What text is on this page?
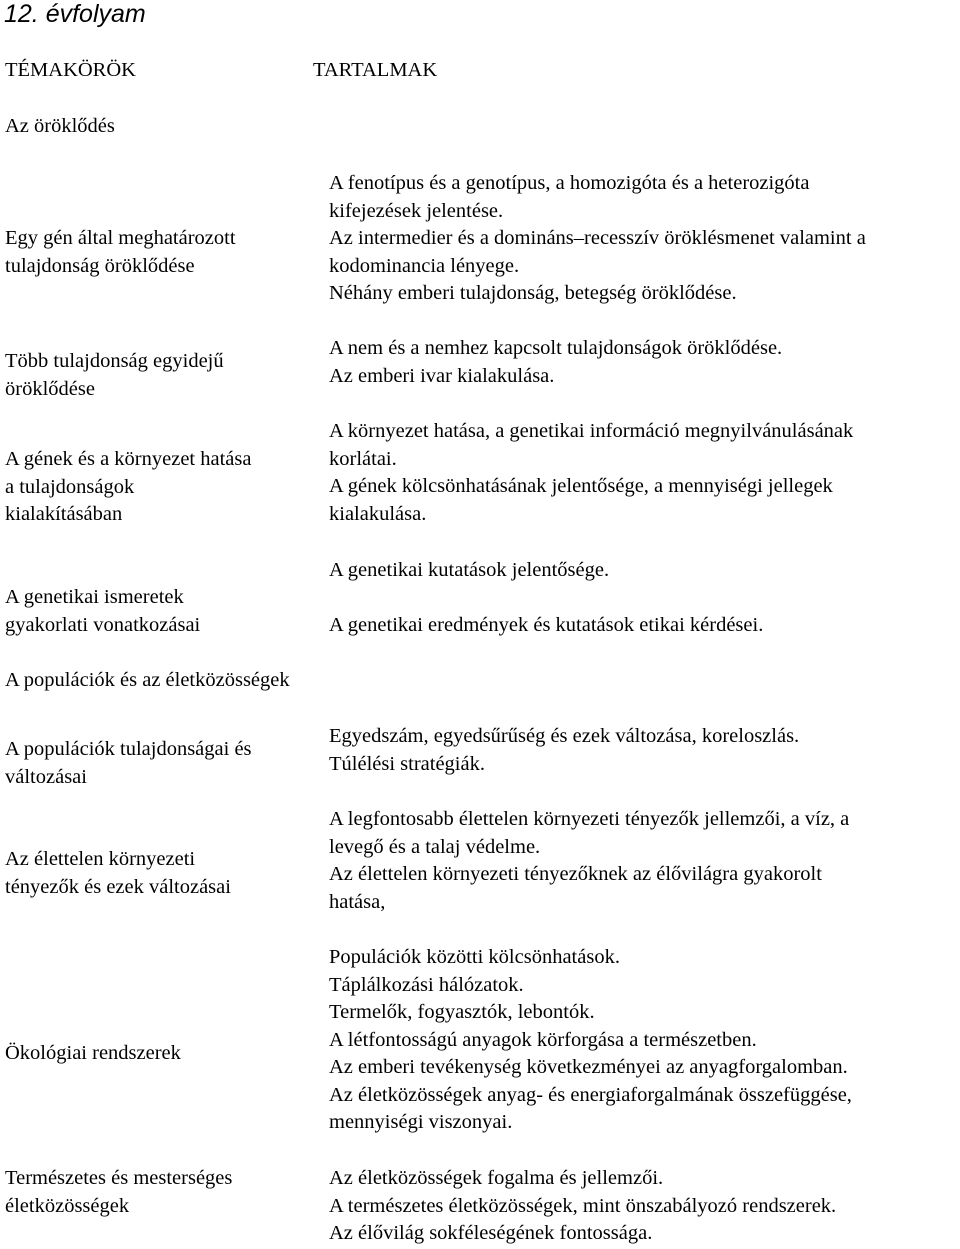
12. évfolyam
TÉMAKÖRÖK	TARTALMAK
Az öröklődés
A fenotípus és a genotípus, a homozigóta és a heterozigóta
kifejezések jelentése.
Az intermedier és a domináns–recesszív öröklésmenet valamint a
kodominancia lényege.
Néhány emberi tulajdonság, betegség öröklődése.
Egy gén által meghatározott
tulajdonság öröklődése
Több tulajdonság egyidejű
öröklődése
A nem és a nemhez kapcsolt tulajdonságok öröklődése.
Az emberi ivar kialakulása.
A gének és a környezet hatása
a tulajdonságok
kialakításában
A környezet hatása, a genetikai információ megnyilvánulásának
korlátai.
A gének kölcsönhatásának jelentősége, a mennyiségi jellegek
kialakulása.
A genetikai kutatások jelentősége.
A genetikai ismeretek
gyakorlati vonatkozásai	A genetikai eredmények és kutatások etikai kérdései.
A populációk és az életközösségek
Egyedszám, egyedsűrűség és ezek változása, koreloszlás.
Túlélési stratégiák.
A populációk tulajdonságai és
változásai
A legfontosabb élettelen környezeti tényezők jellemzői, a víz, a
levegő és a talaj védelme.
Az élettelen környezeti tényezőknek az élővilágra gyakorolt
hatása,
Az élettelen környezeti
tényezők és ezek változásai
Populációk közötti kölcsönhatások.
Táplálkozási hálózatok.
Termelők, fogyasztók, lebontók.
A létfontosságú anyagok körforgása a természetben.
Az emberi tevékenység következményei az anyagforgalomban.
Az életközösségek anyag- és energiaforgalmának összefüggése,
mennyiségi viszonyai.
Ökológiai rendszerek
Az életközösségek fogalma és jellemzői.
A természetes életközösségek, mint önszabályozó rendszerek.
Az élővilág sokféleségének fontossága.
Természetes és mesterséges
életközösségek
